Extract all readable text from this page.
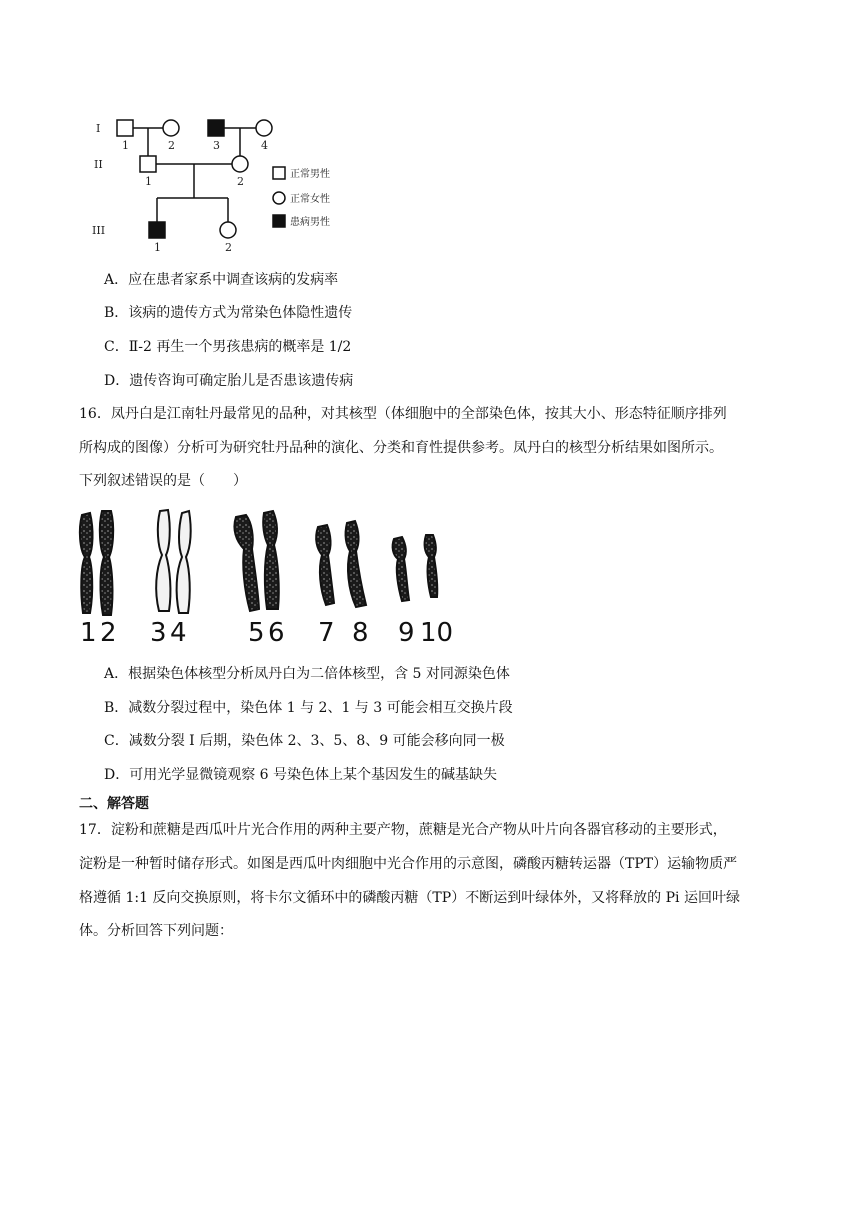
I
II
III
1	2	3	4
1	2
1	2
正常男性
正常女性
患病男性
A．应在患者家系中调查该病的发病率
B．该病的遗传方式为常染色体隐性遗传
C．Ⅱ-2 再生一个男孩患病的概率是 1/2
D．遗传咨询可确定胎儿是否患该遗传病
16．凤丹白是江南牡丹最常见的品种，对其核型（体细胞中的全部染色体，按其大小、形态特征顺序排列
所构成的图像）分析可为研究牡丹品种的演化、分类和育性提供参考。凤丹白的核型分析结果如图所示。
下列叙述错误的是（　　）
1 2 3 4 5 6 7 8 9 10
A．根据染色体核型分析凤丹白为二倍体核型，含 5 对同源染色体
B．减数分裂过程中，染色体 1 与 2、1 与 3 可能会相互交换片段
C．减数分裂 I 后期，染色体 2、3、5、8、9 可能会移向同一极
D．可用光学显微镜观察 6 号染色体上某个基因发生的碱基缺失
二、解答题
17．淀粉和蔗糖是西瓜叶片光合作用的两种主要产物，蔗糖是光合产物从叶片向各器官移动的主要形式，
淀粉是一种暂时储存形式。如图是西瓜叶肉细胞中光合作用的示意图，磷酸丙糖转运器（TPT）运输物质严
格遵循 1:1 反向交换原则，将卡尔文循环中的磷酸丙糖（TP）不断运到叶绿体外，又将释放的 Pi 运回叶绿
体。分析回答下列问题：
